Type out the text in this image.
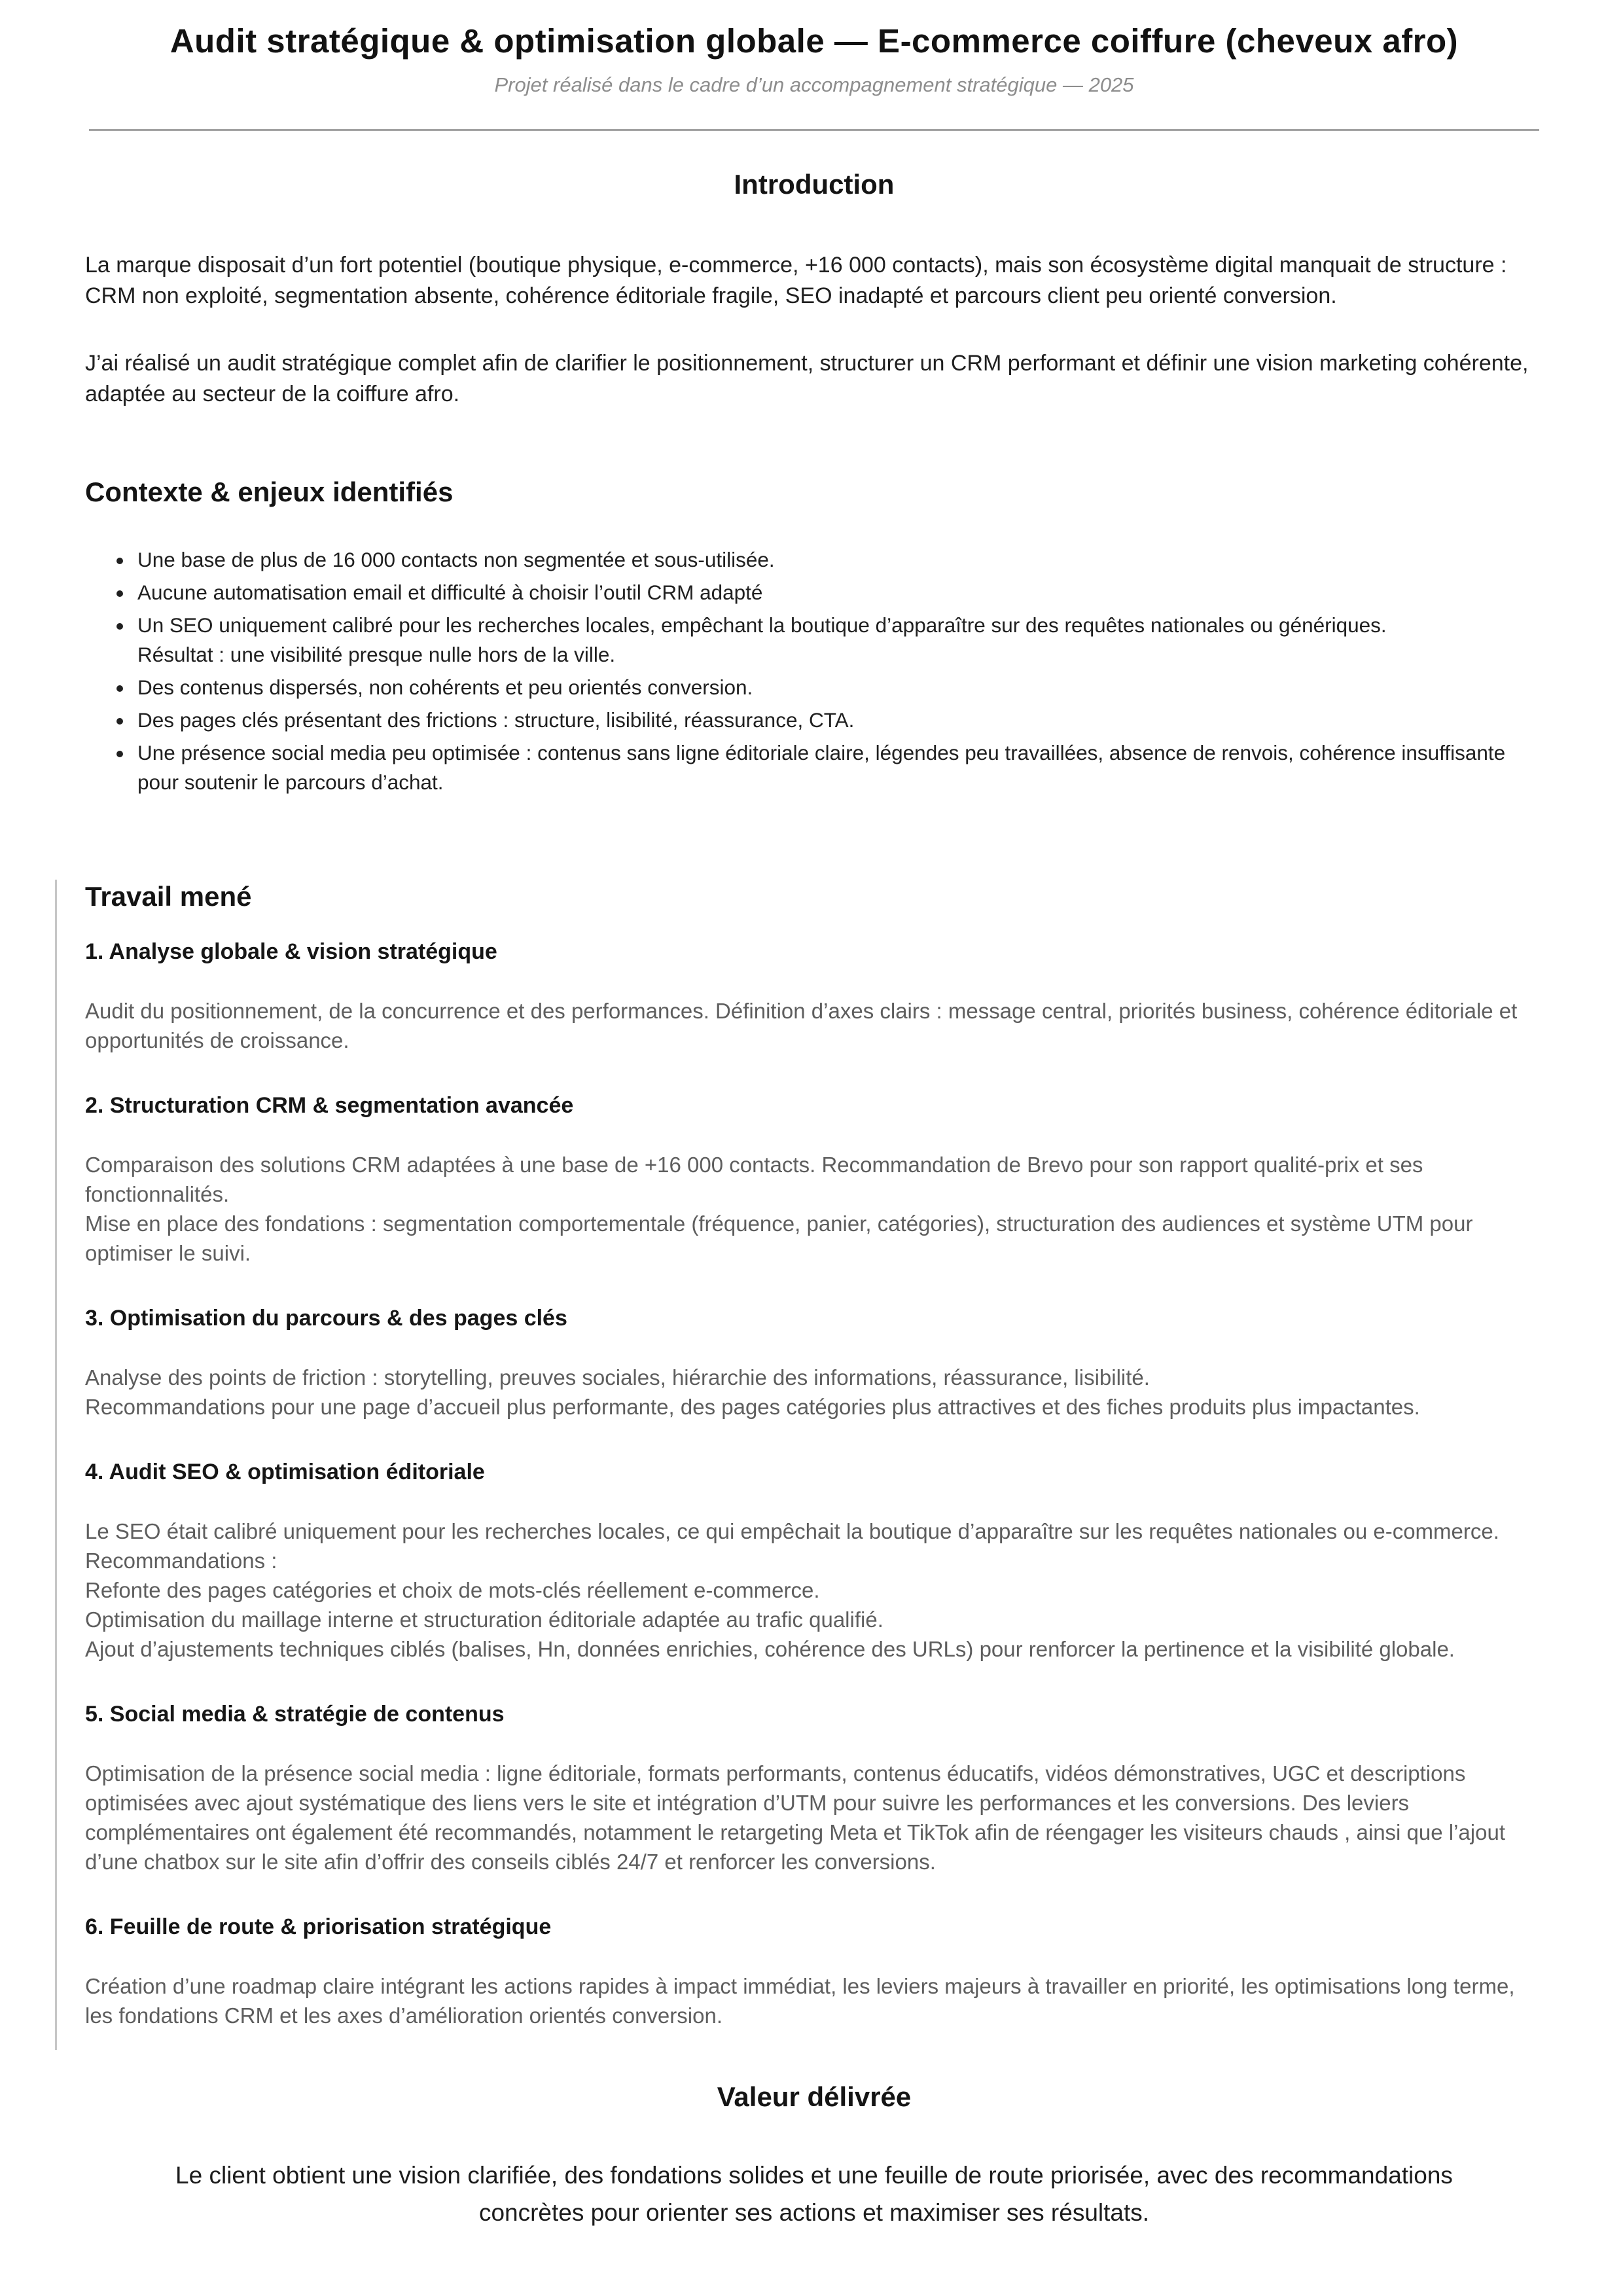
Audit stratégique & optimisation globale — E-commerce coiffure (cheveux afro)

Projet réalisé dans le cadre d’un accompagnement stratégique — 2025

Introduction

La marque disposait d’un fort potentiel (boutique physique, e-commerce, +16 000 contacts), mais son écosystème digital manquait de structure : CRM non exploité, segmentation absente, cohérence éditoriale fragile, SEO inadapté et parcours client peu orienté conversion.

J’ai réalisé un audit stratégique complet afin de clarifier le positionnement, structurer un CRM performant et définir une vision marketing cohérente, adaptée au secteur de la coiffure afro.

Contexte & enjeux identifiés
• Une base de plus de 16 000 contacts non segmentée et sous-utilisée.
• Aucune automatisation email et difficulté à choisir l’outil CRM adapté
• Un SEO uniquement calibré pour les recherches locales, empêchant la boutique d’apparaître sur des requêtes nationales ou génériques.
Résultat : une visibilité presque nulle hors de la ville.
• Des contenus dispersés, non cohérents et peu orientés conversion.
• Des pages clés présentant des frictions : structure, lisibilité, réassurance, CTA.
• Une présence social media peu optimisée : contenus sans ligne éditoriale claire, légendes peu travaillées, absence de renvois, cohérence insuffisante pour soutenir le parcours d’achat.
Travail mené
1. Analyse globale & vision stratégique
Audit du positionnement, de la concurrence et des performances. Définition d’axes clairs : message central, priorités business, cohérence éditoriale et opportunités de croissance.
2. Structuration CRM & segmentation avancée
Comparaison des solutions CRM adaptées à une base de +16 000 contacts. Recommandation de Brevo pour son rapport qualité-prix et ses fonctionnalités.
Mise en place des fondations : segmentation comportementale (fréquence, panier, catégories), structuration des audiences et système UTM pour optimiser le suivi.
3. Optimisation du parcours & des pages clés
Analyse des points de friction : storytelling, preuves sociales, hiérarchie des informations, réassurance, lisibilité.
Recommandations pour une page d’accueil plus performante, des pages catégories plus attractives et des fiches produits plus impactantes.
4. Audit SEO & optimisation éditoriale
Le SEO était calibré uniquement pour les recherches locales, ce qui empêchait la boutique d’apparaître sur les requêtes nationales ou e-commerce.
Recommandations :
Refonte des pages catégories et choix de mots-clés réellement e-commerce.
Optimisation du maillage interne et structuration éditoriale adaptée au trafic qualifié.
Ajout d’ajustements techniques ciblés (balises, Hn, données enrichies, cohérence des URLs) pour renforcer la pertinence et la visibilité globale.
5. Social media & stratégie de contenus
Optimisation de la présence social media : ligne éditoriale, formats performants, contenus éducatifs, vidéos démonstratives, UGC et descriptions optimisées avec ajout systématique des liens vers le site et intégration d’UTM pour suivre les performances et les conversions. Des leviers complémentaires ont également été recommandés, notamment le retargeting Meta et TikTok afin de réengager les visiteurs chauds , ainsi que l’ajout d’une chatbox sur le site afin d’offrir des conseils ciblés 24/7 et renforcer les conversions.
6. Feuille de route & priorisation stratégique
Création d’une roadmap claire intégrant les actions rapides à impact immédiat, les leviers majeurs à travailler en priorité, les optimisations long terme, les fondations CRM et les axes d’amélioration orientés conversion.
Valeur délivrée

Le client obtient une vision clarifiée, des fondations solides et une feuille de route priorisée, avec des recommandations concrètes pour orienter ses actions et maximiser ses résultats.
